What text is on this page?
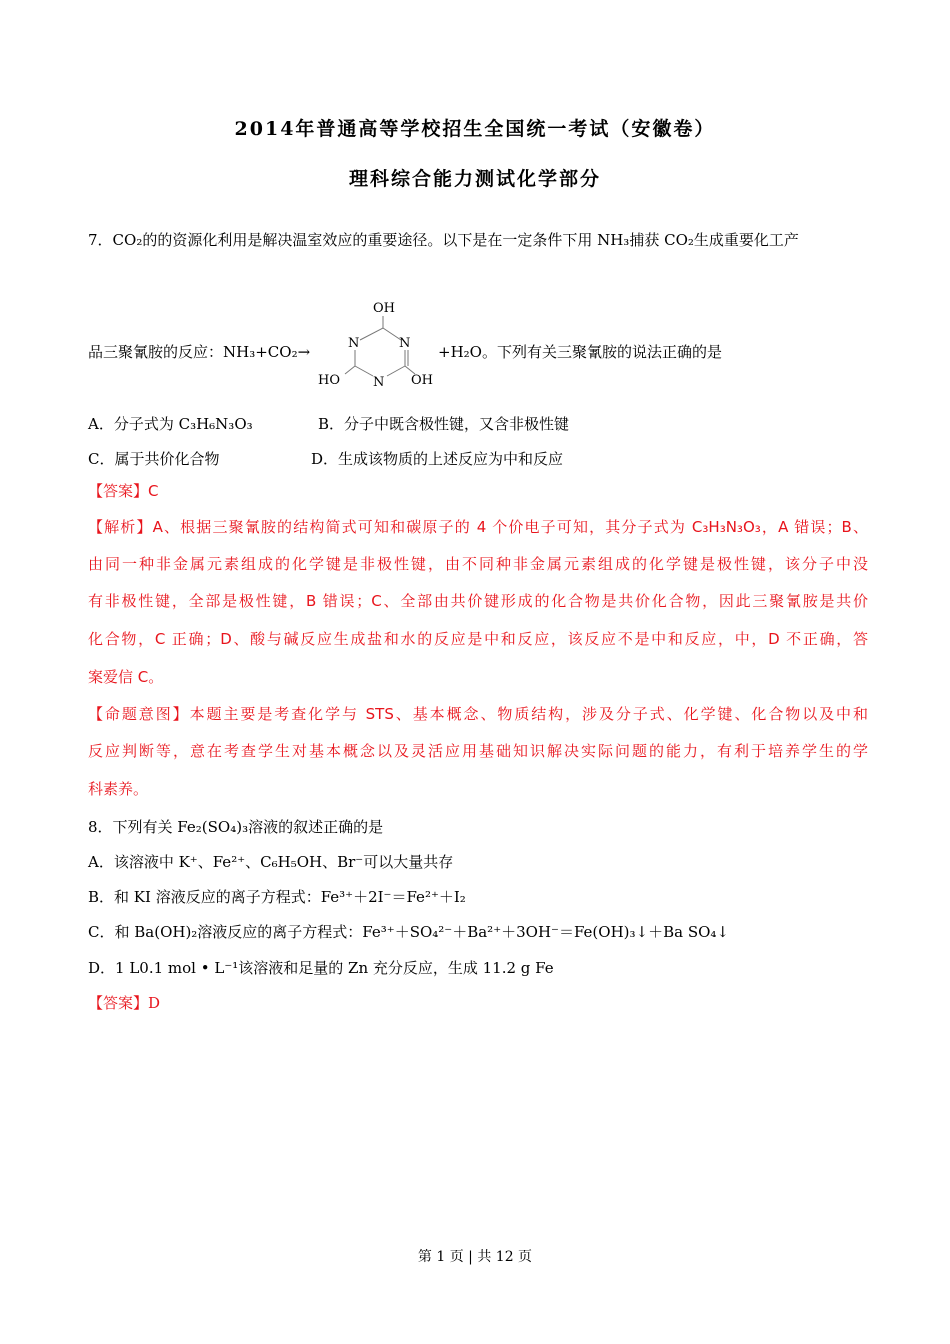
2014年普通高等学校招生全国统一考试（安徽卷）
理科综合能力测试化学部分
7．CO₂的的资源化利用是解决温室效应的重要途径。以下是在一定条件下用 NH₃捕获 CO₂生成重要化工产
品三聚氰胺的反应：NH₃+CO₂→
OH
N	N
N
HO	OH
+H₂O。下列有关三聚氰胺的说法正确的是
A．分子式为 C₃H₆N₃O₃	B．分子中既含极性键，又含非极性键
C．属于共价化合物	D．生成该物质的上述反应为中和反应
【答案】C
【解析】A、根据三聚氰胺的结构简式可知和碳原子的 4 个价电子可知，其分子式为 C₃H₃N₃O₃，A 错误；B、
由同一种非金属元素组成的化学键是非极性键，由不同种非金属元素组成的化学键是极性键，该分子中没
有非极性键，全部是极性键，B 错误；C、全部由共价键形成的化合物是共价化合物，因此三聚氰胺是共价
化合物，C 正确；D、酸与碱反应生成盐和水的反应是中和反应，该反应不是中和反应，中，D 不正确，答
案爱信 C。
【命题意图】本题主要是考查化学与 STS、基本概念、物质结构，涉及分子式、化学键、化合物以及中和
反应判断等，意在考查学生对基本概念以及灵活应用基础知识解决实际问题的能力，有利于培养学生的学
科素养。
8．下列有关 Fe₂(SO₄)₃溶液的叙述正确的是
A．该溶液中 K⁺、Fe²⁺、C₆H₅OH、Br⁻可以大量共存
B．和 KI 溶液反应的离子方程式：Fe³⁺＋2I⁻＝Fe²⁺＋I₂
C．和 Ba(OH)₂溶液反应的离子方程式：Fe³⁺＋SO₄²⁻＋Ba²⁺＋3OH⁻＝Fe(OH)₃↓＋Ba SO₄↓
D．1 L0.1 mol • L⁻¹该溶液和足量的 Zn 充分反应，生成 11.2 g Fe
【答案】D
第 1 页 | 共 12 页
